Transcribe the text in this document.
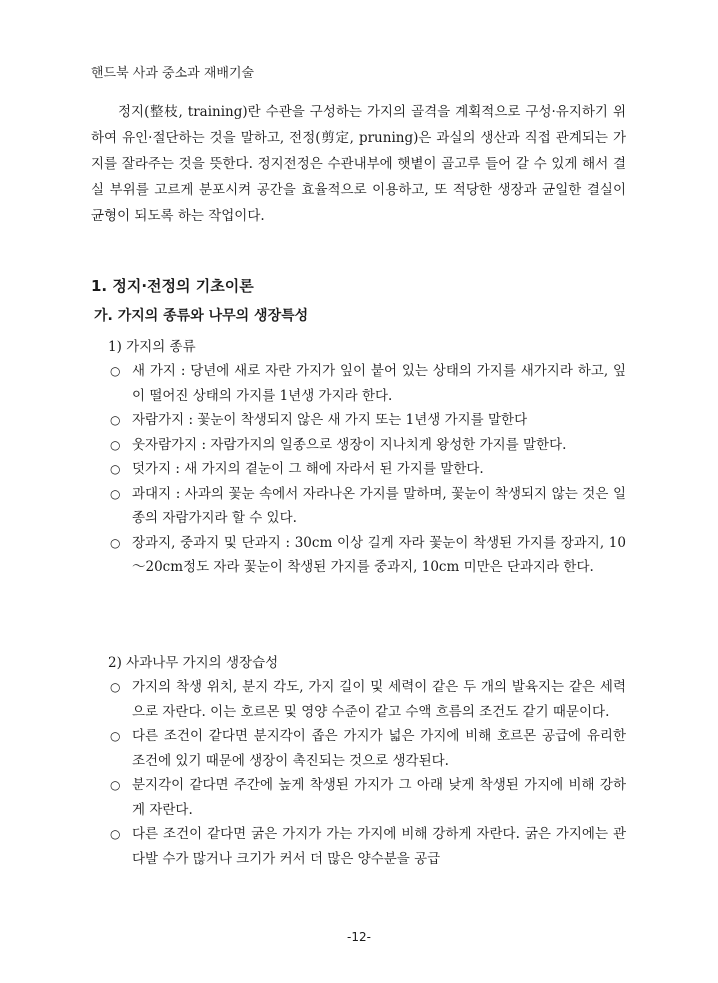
핸드북 사과 중소과 재배기술

정지(整枝, training)란 수관을 구성하는 가지의 골격을 계획적으로 구성·유지하기 위하여 유인·절단하는 것을 말하고, 전정(剪定, pruning)은 과실의 생산과 직접 관계되는 가지를 잘라주는 것을 뜻한다. 정지전정은 수관내부에 햇볕이 골고루 들어 갈 수 있게 해서 결실 부위를 고르게 분포시켜 공간을 효율적으로 이용하고, 또 적당한 생장과 균일한 결실이 균형이 되도록 하는 작업이다.

1. 정지·전정의 기초이론
가. 가지의 종류와 나무의 생장특성
1) 가지의 종류
○ 새 가지 : 당년에 새로 자란 가지가 잎이 붙어 있는 상태의 가지를 새가지라 하고, 잎이 떨어진 상태의 가지를 1년생 가지라 한다.
○ 자람가지 : 꽃눈이 착생되지 않은 새 가지 또는 1년생 가지를 말한다
○ 웃자람가지 : 자람가지의 일종으로 생장이 지나치게 왕성한 가지를 말한다.
○ 덧가지 : 새 가지의 곁눈이 그 해에 자라서 된 가지를 말한다.
○ 과대지 : 사과의 꽃눈 속에서 자라나온 가지를 말하며, 꽃눈이 착생되지 않는 것은 일종의 자람가지라 할 수 있다.
○ 장과지, 중과지 및 단과지 : 30cm 이상 길게 자라 꽃눈이 착생된 가지를 장과지, 10～20cm정도 자라 꽃눈이 착생된 가지를 중과지, 10cm 미만은 단과지라 한다.
2) 사과나무 가지의 생장습성
○ 가지의 착생 위치, 분지 각도, 가지 길이 및 세력이 같은 두 개의 발육지는 같은 세력으로 자란다. 이는 호르몬 및 영양 수준이 같고 수액 흐름의 조건도 같기 때문이다.
○ 다른 조건이 같다면 분지각이 좁은 가지가 넓은 가지에 비해 호르몬 공급에 유리한 조건에 있기 때문에 생장이 촉진되는 것으로 생각된다.
○ 분지각이 같다면 주간에 높게 착생된 가지가 그 아래 낮게 착생된 가지에 비해 강하게 자란다.
○ 다른 조건이 같다면 굵은 가지가 가는 가지에 비해 강하게 자란다. 굵은 가지에는 관다발 수가 많거나 크기가 커서 더 많은 양수분을 공급
-12-
